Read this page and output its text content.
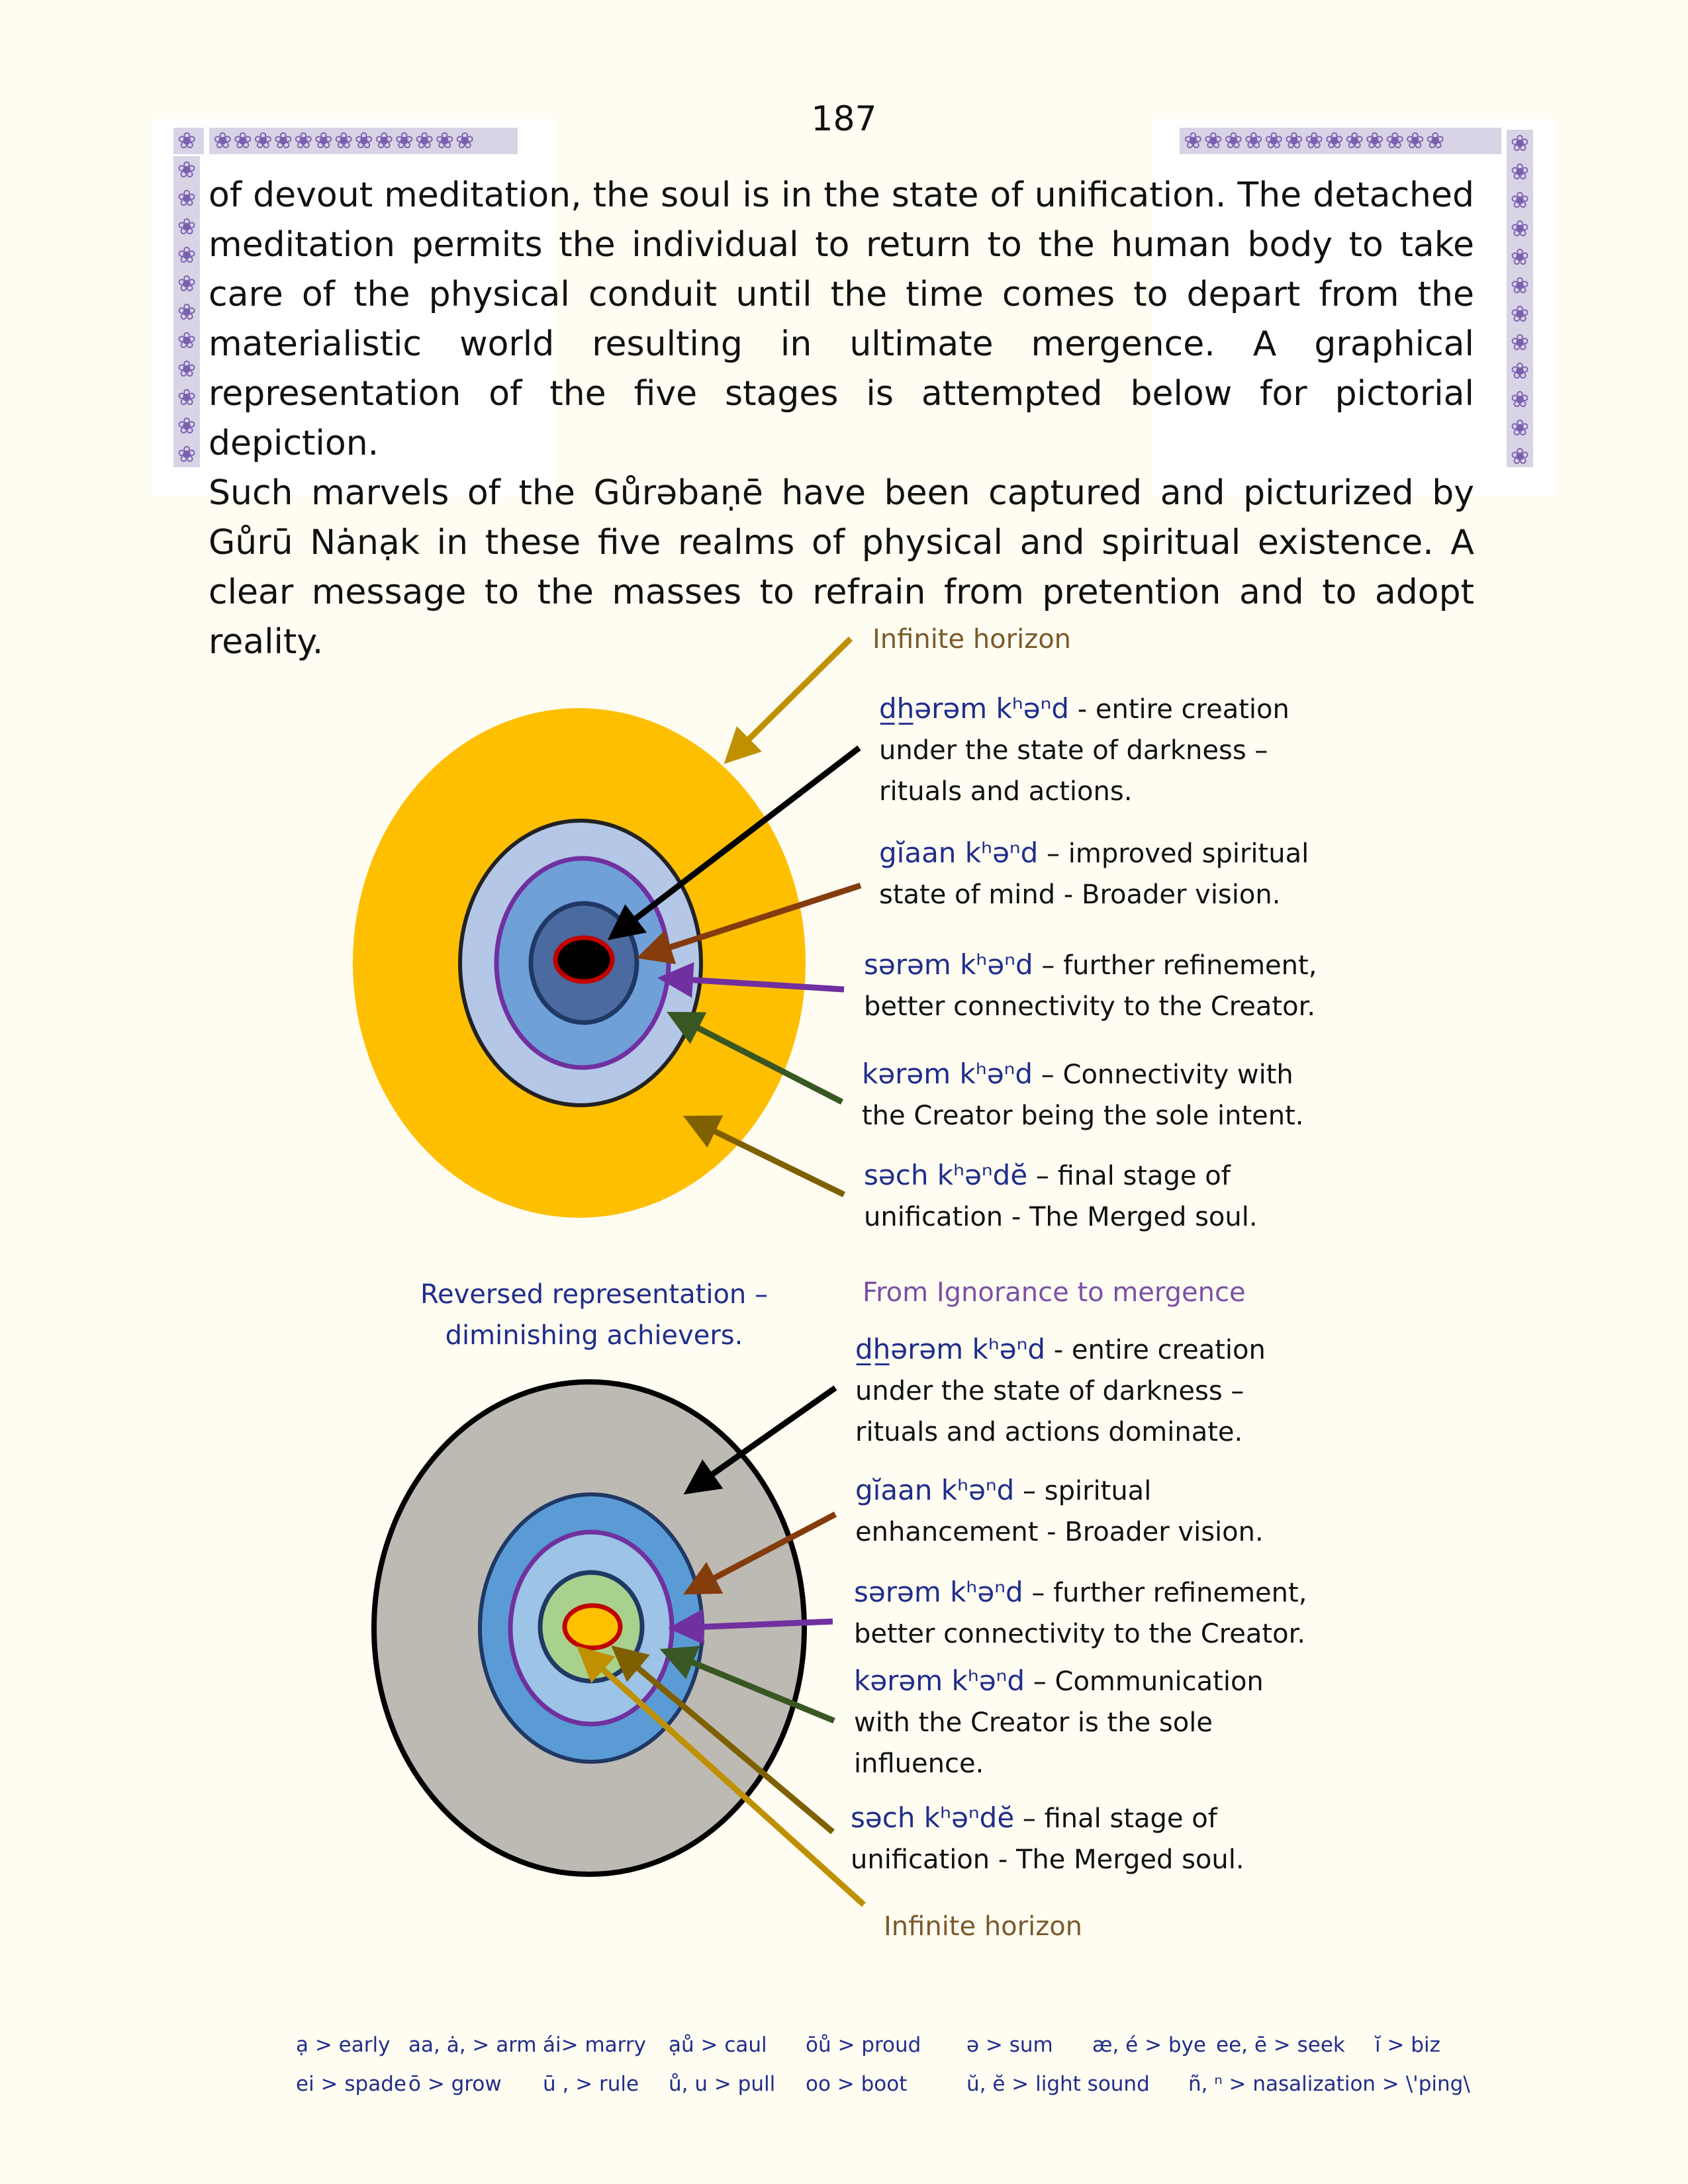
187
❀ ❀❀❀❀❀❀❀❀❀❀❀❀❀	❀❀❀❀❀❀❀❀❀❀❀❀❀
❀
❀
❀
❀
❀
❀
❀
❀
❀
❀
❀
❀
❀
❀
❀
❀
❀
❀
❀
❀
❀
❀
❀

of devout meditation, the soul is in the state of unification. The detached meditation permits the individual to return to the human body to take care of the physical conduit until the time comes to depart from the materialistic world resulting in ultimate mergence. A graphical representation of the five stages is attempted below for pictorial depiction.

Such marvels of the Gůrəbaṇē have been captured and picturized by Gůrū Nȧnạk in these five realms of physical and spiritual existence. A clear message to the masses to refrain from pretention and to adopt reality.	Infinite horizon
d̲h̲ərəm kʰəⁿd - entire creation
under the state of darkness –
rituals and actions.
gĭaan kʰəⁿd – improved spiritual
state of mind - Broader vision.
sərəm kʰəⁿd – further refinement,
better connectivity to the Creator.
kərəm kʰəⁿd – Connectivity with
the Creator being the sole intent.
səch kʰəⁿdĕ – final stage of
unification - The Merged soul.
Reversed representation –
diminishing achievers.
From Ignorance to mergence
d̲h̲ərəm kʰəⁿd - entire creation
under the state of darkness –
rituals and actions dominate.
gĭaan kʰəⁿd – spiritual
enhancement - Broader vision.
sərəm kʰəⁿd – further refinement,
better connectivity to the Creator.
kərəm kʰəⁿd – Communication
with the Creator is the sole
influence.
səch kʰəⁿdĕ – final stage of
unification - The Merged soul.
Infinite horizon
ạ > early aa, ȧ, > arm ái> marry ạů > caul ōů > proud ə > sum æ, é > bye ee, ē > seek ĭ > biz
ei > spade ō > grow ū , > rule ů, u > pull oo > boot	ŭ, ĕ > light sound ñ, ⁿ > nasalization > \'ping\
